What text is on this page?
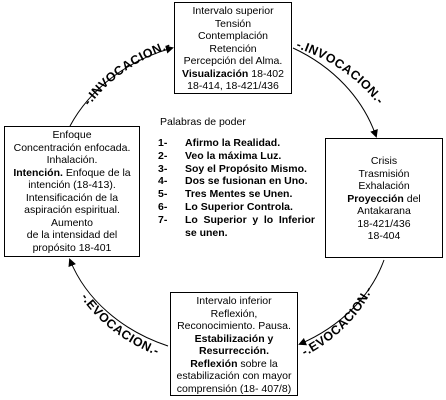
-.INVOCACION.-	-.INVOCACION.-
-.EVOCACION.-	-.EVOCACION.-
Intervalo superior
Tensión
Contemplación
Retención
Percepción del Alma.
Visualización 18-402
18-414, 18-421/436
Enfoque
Concentración enfocada.
Inhalación.
Intención. Enfoque de la
intención (18-413).
Intensificación de la
aspiración espiritual.
Aumento
de la intensidad del
propósito 18-401
Crisis
Trasmisión
Exhalación
Proyección del
Antakarana
18-421/436
18-404
Intervalo inferior
Reflexión,
Reconocimiento. Pausa.
Estabilización y
Resurrección.
Reflexión sobre la
estabilización con mayor
comprensión (18- 407/8)
Palabras de poder
1-	Afirmo la Realidad.
2-	Veo la máxima Luz.
3-	Soy el Propósito Mismo.
4-	Dos se fusionan en Uno.
5-	Tres Mentes se Unen.
6-	Lo Superior Controla.
7-	Lo Superior y lo Inferior
se unen.
